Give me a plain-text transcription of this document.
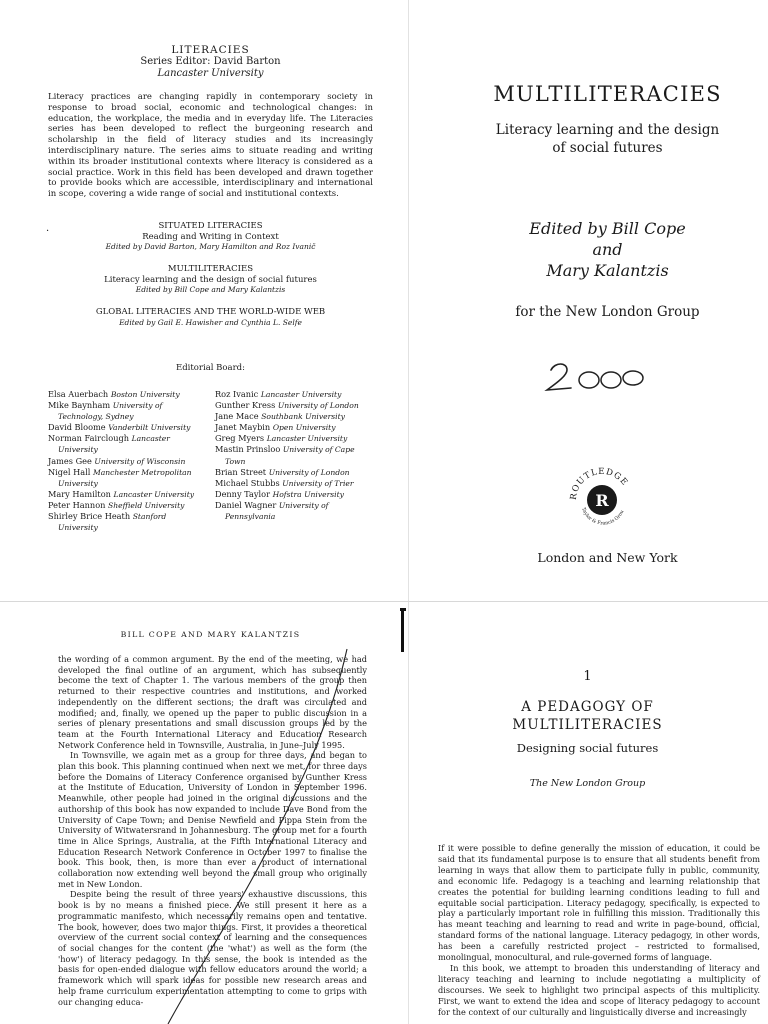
LITERACIES
Series Editor: David Barton
Lancaster University
Literacy practices are changing rapidly in contemporary society in response to broad social, economic and technological changes: in education, the workplace, the media and in everyday life. The Literacies series has been developed to reflect the burgeoning research and scholarship in the field of literacy studies and its increasingly interdisciplinary nature. The series aims to situate reading and writing within its broader institutional contexts where literacy is considered as a social practice. Work in this field has been developed and drawn together to provide books which are accessible, interdisciplinary and international in scope, covering a wide range of social and institutional contexts.
·	SITUATED LITERACIES
Reading and Writing in Context
Edited by David Barton, Mary Hamilton and Roz Ivanič
MULTILITERACIES
Literacy learning and the design of social futures
Edited by Bill Cope and Mary Kalantzis
GLOBAL LITERACIES AND THE WORLD-WIDE WEB
Edited by Gail E. Hawisher and Cynthia L. Selfe
Editorial Board:
Elsa Auerbach Boston University
Mike Baynham University of Technology, Sydney
David Bloome Vanderbilt University
Norman Fairclough Lancaster University
James Gee University of Wisconsin
Nigel Hall Manchester Metropolitan University
Mary Hamilton Lancaster University
Peter Hannon Sheffield University
Shirley Brice Heath Stanford University
Roz Ivanic Lancaster University
Gunther Kress University of London
Jane Mace Southbank University
Janet Maybin Open University
Greg Myers Lancaster University
Mastin Prinsloo University of Cape Town
Brian Street University of London
Michael Stubbs University of Trier
Denny Taylor Hofstra University
Daniel Wagner University of Pennsylvania
MULTILITERACIES
Literacy learning and the design
of social futures
Edited by Bill Cope
and
Mary Kalantzis
for the New London Group
R
ROUTLEDGE
Taylor & Francis Grou
London and New York
BILL COPE AND MARY KALANTZIS

the wording of a common argument. By the end of the meeting, we had developed the final outline of an argument, which has subsequently become the text of Chapter 1. The various members of the group then returned to their respective countries and institutions, and worked independently on the different sections; the draft was circulated and modified; and, finally, we opened up the paper to public discussion in a series of plenary presentations and small discussion groups led by the team at the Fourth International Literacy and Education Research Network Conference held in Townsville, Australia, in June–July 1995.

In Townsville, we again met as a group for three days, and began to plan this book. This planning continued when next we met, for three days before the Domains of Literacy Conference organised by Gunther Kress at the Institute of Education, University of London in September 1996. Meanwhile, other people had joined in the original discussions and the authorship of this book has now expanded to include Dave Bond from the University of Cape Town; and Denise Newfield and Pippa Stein from the University of Witwatersrand in Johannesburg. The group met for a fourth time in Alice Springs, Australia, at the Fifth International Literacy and Education Research Network Conference in October 1997 to finalise the book. This book, then, is more than ever a product of international collaboration now extending well beyond the small group who originally met in New London.

Despite being the result of three years' exhaustive discussions, this book is by no means a finished piece. We still present it here as a programmatic manifesto, which necessarily remains open and tentative. The book, however, does two major things. First, it provides a theoretical overview of the current social context of learning and the consequences of social changes for the content (the 'what') as well as the form (the 'how') of literacy pedagogy. In this sense, the book is intended as the basis for open-ended dialogue with fellow educators around the world; a framework which will spark ideas for possible new research areas and help frame curriculum experimentation attempting to come to grips with our changing educa-

1
A PEDAGOGY OF
MULTILITERACIES
Designing social futures
The New London Group

If it were possible to define generally the mission of education, it could be said that its fundamental purpose is to ensure that all students benefit from learning in ways that allow them to participate fully in public, community, and economic life. Pedagogy is a teaching and learning relationship that creates the potential for building learning conditions leading to full and equitable social participation. Literacy pedagogy, specifically, is expected to play a particularly important role in fulfilling this mission. Traditionally this has meant teaching and learning to read and write in page-bound, official, standard forms of the national language. Literacy pedagogy, in other words, has been a carefully restricted project – restricted to formalised, monolingual, monocultural, and rule-governed forms of language.

In this book, we attempt to broaden this understanding of literacy and literacy teaching and learning to include negotiating a multiplicity of discourses. We seek to highlight two principal aspects of this multiplicity. First, we want to extend the idea and scope of literacy pedagogy to account for the context of our culturally and linguistically diverse and increasingly
